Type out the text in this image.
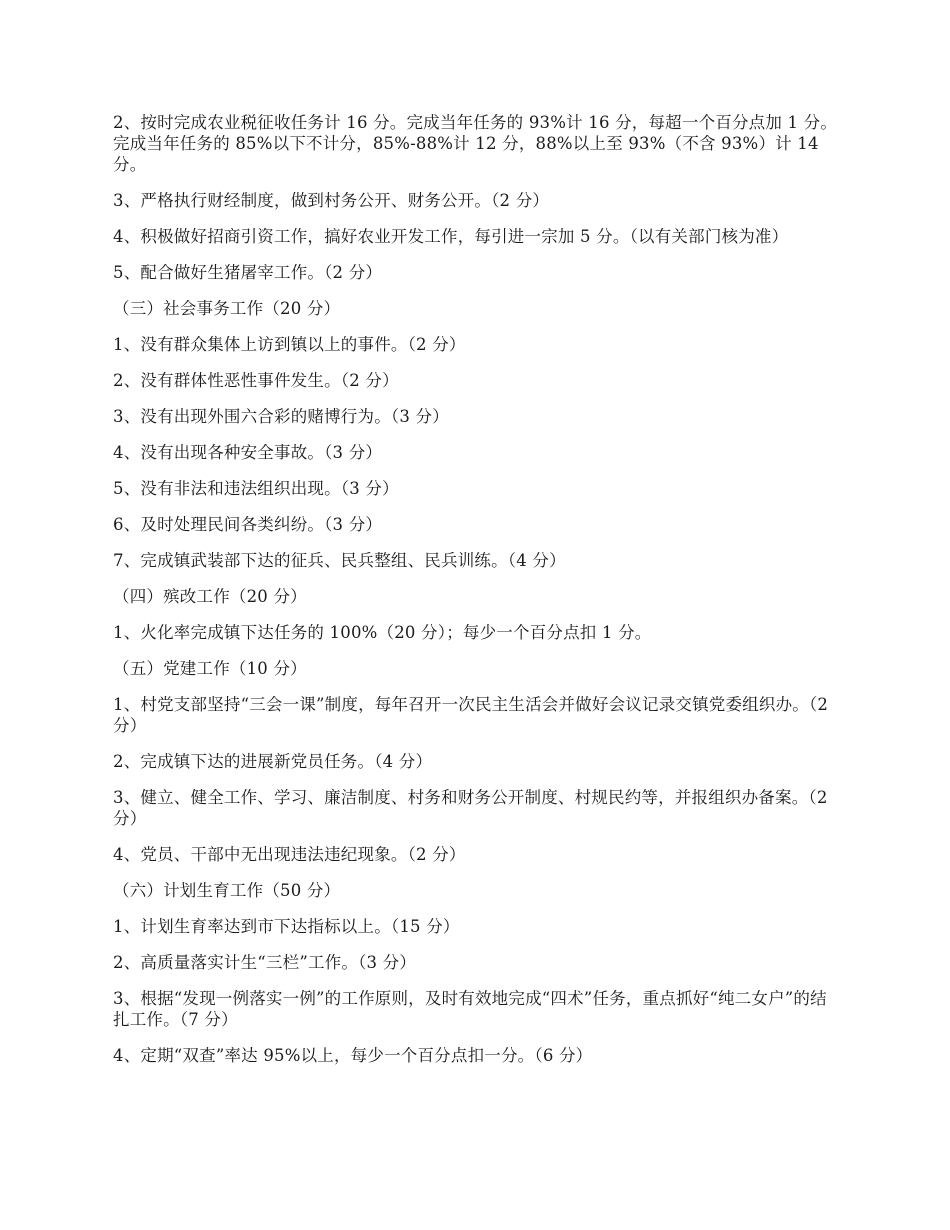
2、按时完成农业税征收任务计 16 分。完成当年任务的 93%计 16 分，每超一个百分点加 1 分。完成当年任务的 85%以下不计分，85%-88%计 12 分，88%以上至 93%（不含 93%）计 14 分。

3、严格执行财经制度，做到村务公开、财务公开。（2 分）

4、积极做好招商引资工作，搞好农业开发工作，每引进一宗加 5 分。（以有关部门核为准）

5、配合做好生猪屠宰工作。（2 分）

（三）社会事务工作（20 分）

1、没有群众集体上访到镇以上的事件。（2 分）

2、没有群体性恶性事件发生。（2 分）

3、没有出现外围六合彩的赌博行为。（3 分）

4、没有出现各种安全事故。（3 分）

5、没有非法和违法组织出现。（3 分）

6、及时处理民间各类纠纷。（3 分）

7、完成镇武装部下达的征兵、民兵整组、民兵训练。（4 分）

（四）殡改工作（20 分）

1、火化率完成镇下达任务的 100%（20 分）；每少一个百分点扣 1 分。

（五）党建工作（10 分）

1、村党支部坚持“三会一课”制度，每年召开一次民主生活会并做好会议记录交镇党委组织办。（2 分）

2、完成镇下达的进展新党员任务。（4 分）

3、健立、健全工作、学习、廉洁制度、村务和财务公开制度、村规民约等，并报组织办备案。（2 分）

4、党员、干部中无出现违法违纪现象。（2 分）

（六）计划生育工作（50 分）

1、计划生育率达到市下达指标以上。（15 分）

2、高质量落实计生“三栏”工作。（3 分）

3、根据“发现一例落实一例”的工作原则，及时有效地完成“四术”任务，重点抓好“纯二女户”的结扎工作。（7 分）

4、定期“双查”率达 95%以上，每少一个百分点扣一分。（6 分）
